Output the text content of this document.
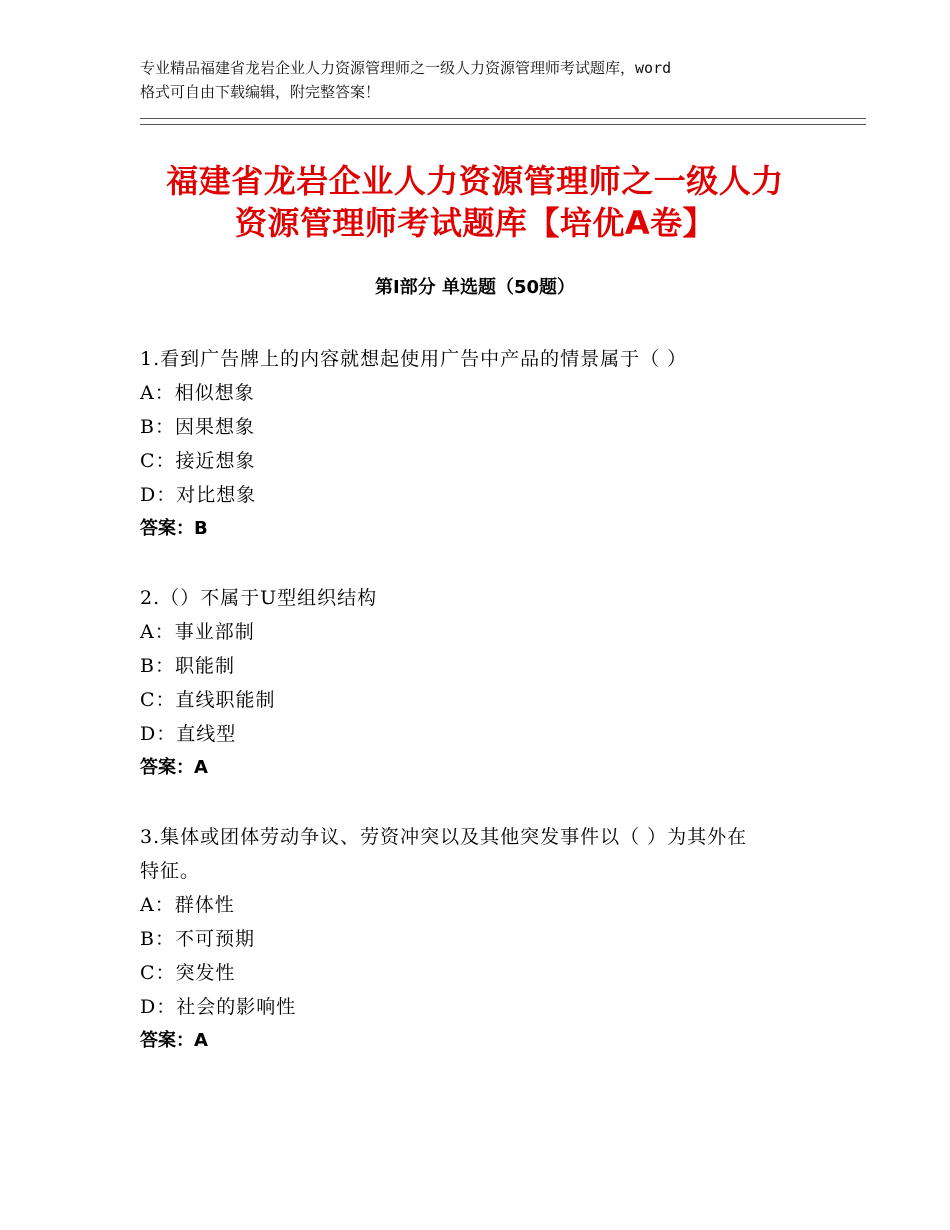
专业精品福建省龙岩企业人力资源管理师之一级人力资源管理师考试题库，word
格式可自由下载编辑，附完整答案！
福建省龙岩企业人力资源管理师之一级人力
资源管理师考试题库【培优A卷】
第Ⅰ部分 单选题（50题）
1.看到广告牌上的内容就想起使用广告中产品的情景属于（ ）
A：相似想象
B：因果想象
C：接近想象
D：对比想象
答案：B
2.（）不属于U型组织结构
A：事业部制
B：职能制
C：直线职能制
D：直线型
答案：A
3.集体或团体劳动争议、劳资冲突以及其他突发事件以（ ）为其外在
特征。
A：群体性
B：不可预期
C：突发性
D：社会的影响性
答案：A
